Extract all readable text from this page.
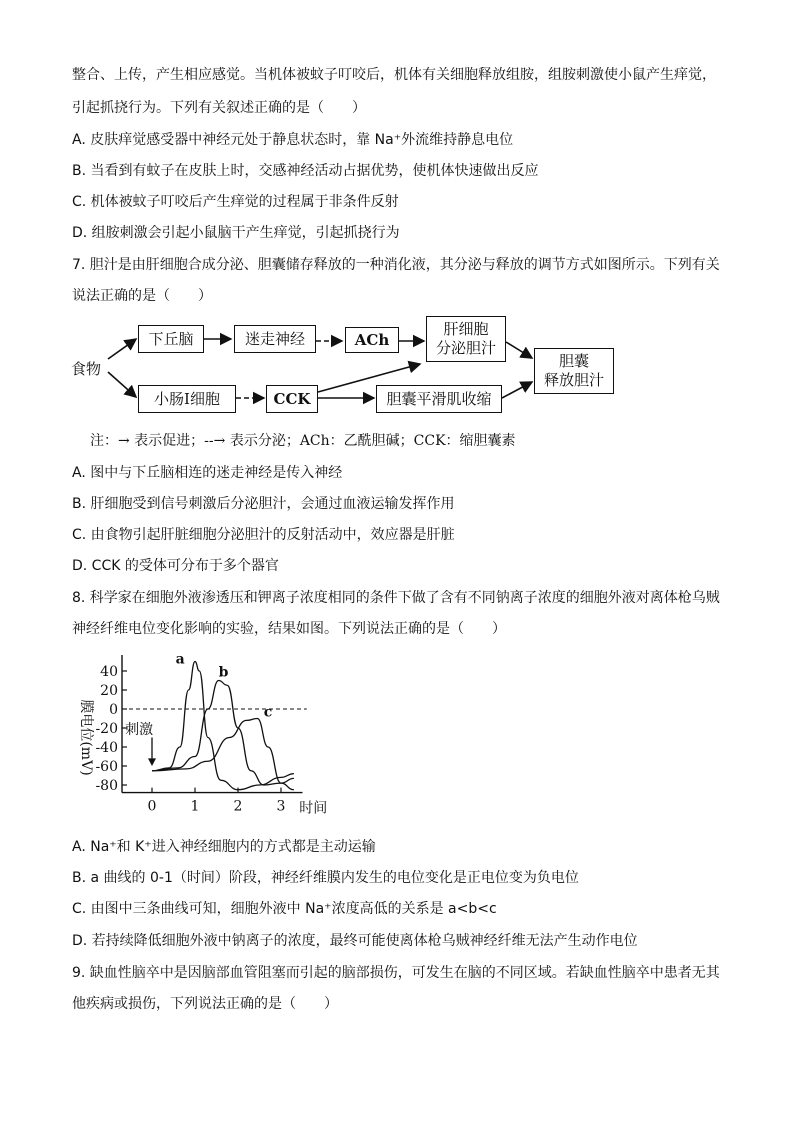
整合、上传，产生相应感觉。当机体被蚊子叮咬后，机体有关细胞释放组胺，组胺刺激使小鼠产生痒觉，
引起抓挠行为。下列有关叙述正确的是（　　）
A. 皮肤痒觉感受器中神经元处于静息状态时，靠 Na⁺外流维持静息电位
B. 当看到有蚊子在皮肤上时，交感神经活动占据优势，使机体快速做出反应
C. 机体被蚊子叮咬后产生痒觉的过程属于非条件反射
D. 组胺刺激会引起小鼠脑干产生痒觉，引起抓挠行为
7. 胆汁是由肝细胞合成分泌、胆囊储存释放的一种消化液，其分泌与释放的调节方式如图所示。下列有关
说法正确的是（　　）
食物
下丘脑	迷走神经	ACh
肝细胞
分泌胆汁
胆囊
释放胆汁
小肠Ⅰ细胞	CCK	胆囊平滑肌收缩
注：→ 表示促进；--→ 表示分泌；ACh：乙酰胆碱；CCK：缩胆囊素
A. 图中与下丘脑相连的迷走神经是传入神经
B. 肝细胞受到信号刺激后分泌胆汁，会通过血液运输发挥作用
C. 由食物引起肝脏细胞分泌胆汁的反射活动中，效应器是肝脏
D. CCK 的受体可分布于多个器官
8. 科学家在细胞外液渗透压和钾离子浓度相同的条件下做了含有不同钠离子浓度的细胞外液对离体枪乌贼
神经纤维电位变化影响的实验，结果如图。下列说法正确的是（　　）
40
20
0
-20
-40
-60
-80
0 1 2 3 时间
膜电位(mV) 刺激
a
b
c
A. Na⁺和 K⁺进入神经细胞内的方式都是主动运输
B. a 曲线的 0-1（时间）阶段，神经纤维膜内发生的电位变化是正电位变为负电位
C. 由图中三条曲线可知，细胞外液中 Na⁺浓度高低的关系是 a<b<c
D. 若持续降低细胞外液中钠离子的浓度，最终可能使离体枪乌贼神经纤维无法产生动作电位
9. 缺血性脑卒中是因脑部血管阻塞而引起的脑部损伤，可发生在脑的不同区域。若缺血性脑卒中患者无其
他疾病或损伤，下列说法正确的是（　　）
